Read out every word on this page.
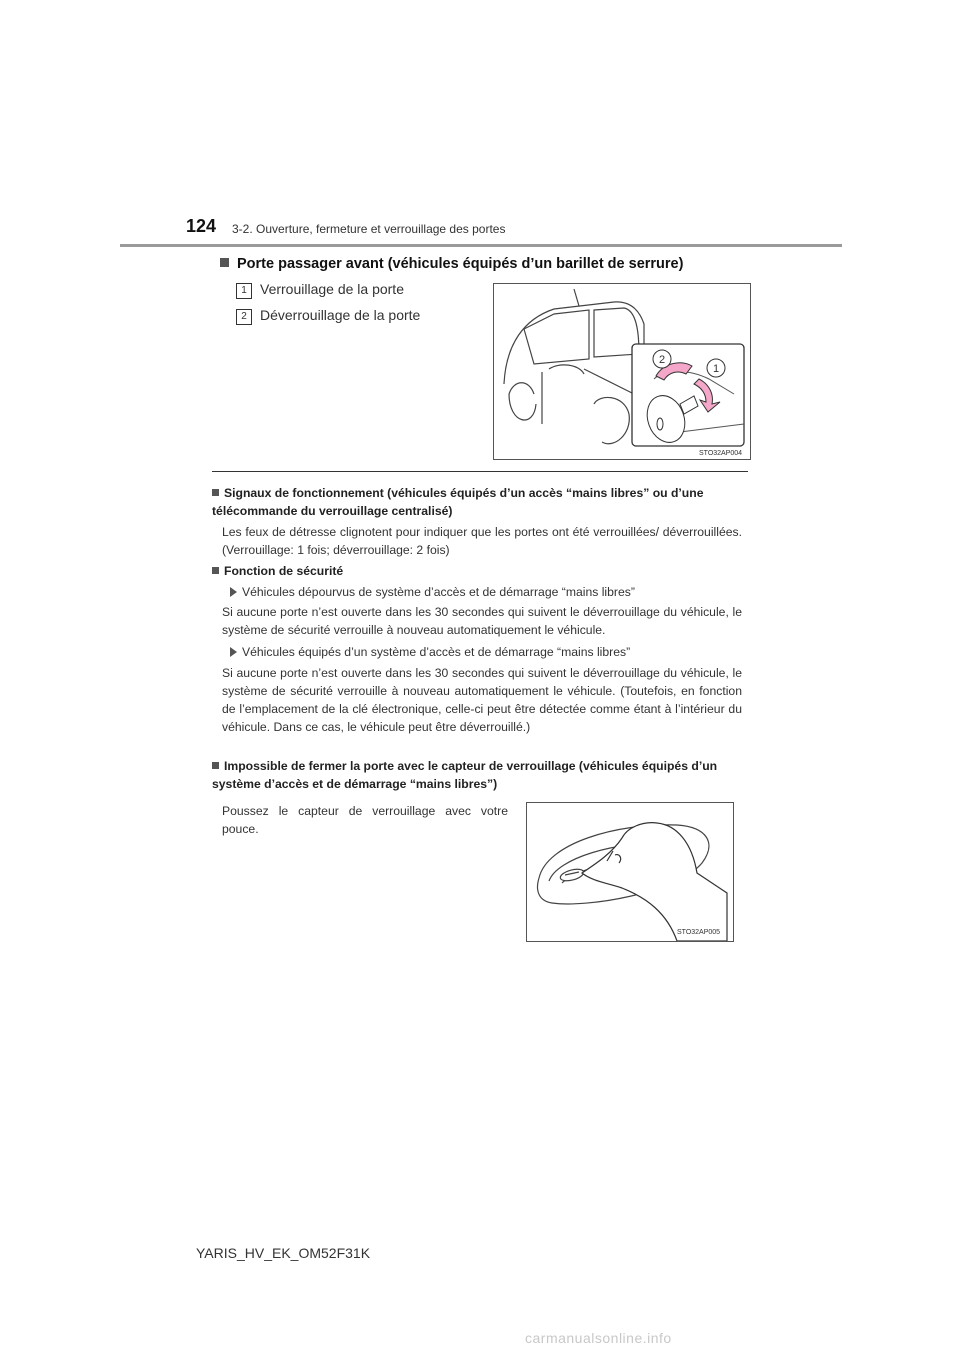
124 3-2. Ouverture, fermeture et verrouillage des portes
Porte passager avant (véhicules équipés d’un barillet de serrure)
1 Verrouillage de la porte
2 Déverrouillage de la porte
2
1
STO32AP004
Signaux de fonctionnement (véhicules équipés d’un accès “mains libres” ou d’une télécommande du verrouillage centralisé)
Les feux de détresse clignotent pour indiquer que les portes ont été verrouillées/ déverrouillées. (Verrouillage: 1 fois; déverrouillage: 2 fois)
Fonction de sécurité
Véhicules dépourvus de système d’accès et de démarrage “mains libres”
Si aucune porte n’est ouverte dans les 30 secondes qui suivent le déverrouillage du véhicule, le système de sécurité verrouille à nouveau automatiquement le véhicule.
Véhicules équipés d’un système d’accès et de démarrage “mains libres”
Si aucune porte n’est ouverte dans les 30 secondes qui suivent le déverrouillage du véhicule, le système de sécurité verrouille à nouveau automatiquement le véhicule. (Toutefois, en fonction de l’emplacement de la clé électronique, celle-ci peut être détectée comme étant à l’intérieur du véhicule. Dans ce cas, le véhicule peut être déverrouillé.)
Impossible de fermer la porte avec le capteur de verrouillage (véhicules équipés d’un système d’accès et de démarrage “mains libres”)
Poussez le capteur de verrouillage avec votre pouce.
STO32AP005
YARIS_HV_EK_OM52F31K
carmanualsonline.info
